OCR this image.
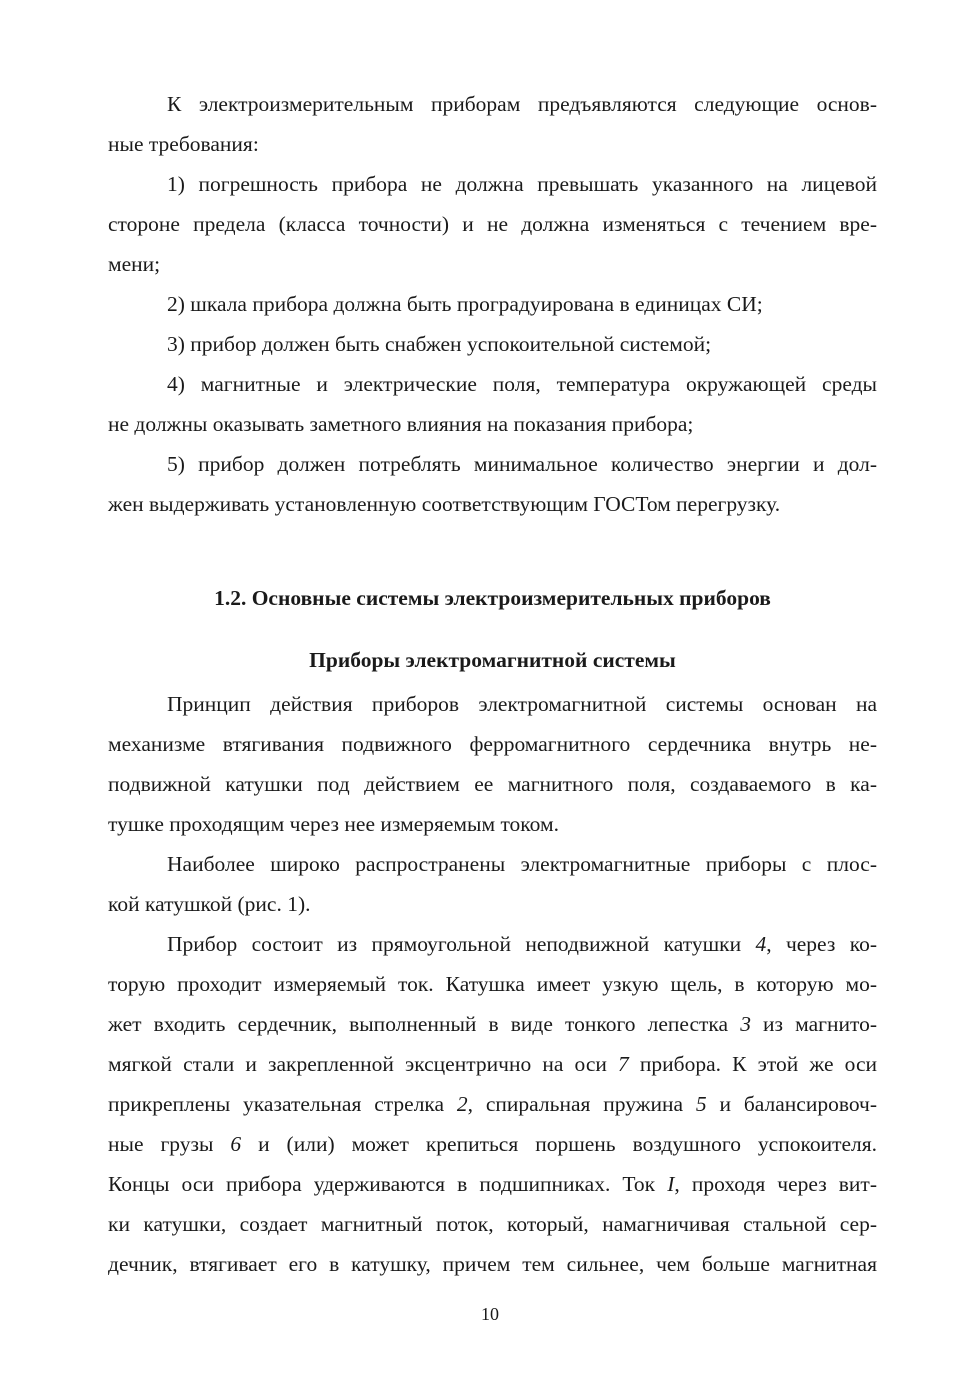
К электроизмерительным приборам предъявляются следующие основ-
ные требования:
1) погрешность прибора не должна превышать указанного на лицевой
стороне предела (класса точности) и не должна изменяться с течением вре-
мени;
2) шкала прибора должна быть проградуирована в единицах СИ;
3) прибор должен быть снабжен успокоительной системой;
4) магнитные и электрические поля, температура окружающей среды
не должны оказывать заметного влияния на показания прибора;
5) прибор должен потреблять минимальное количество энергии и дол-
жен выдерживать установленную соответствующим ГОСТом перегрузку.
1.2. Основные системы электроизмерительных приборов
Приборы электромагнитной системы
Принцип действия приборов электромагнитной системы основан на
механизме втягивания подвижного ферромагнитного сердечника внутрь не-
подвижной катушки под действием ее магнитного поля, создаваемого в ка-
тушке проходящим через нее измеряемым током.
Наиболее широко распространены электромагнитные приборы с плос-
кой катушкой (рис. 1).
Прибор состоит из прямоугольной неподвижной катушки 4, через ко-
торую проходит измеряемый ток. Катушка имеет узкую щель, в которую мо-
жет входить сердечник, выполненный в виде тонкого лепестка 3 из магнито-
мягкой стали и закрепленной эксцентрично на оси 7 прибора. К этой же оси
прикреплены указательная стрелка 2, спиральная пружина 5 и балансировоч-
ные грузы 6 и (или) может крепиться поршень воздушного успокоителя.
Концы оси прибора удерживаются в подшипниках. Ток I, проходя через вит-
ки катушки, создает магнитный поток, который, намагничивая стальной сер-
дечник, втягивает его в катушку, причем тем сильнее, чем больше магнитная
10
